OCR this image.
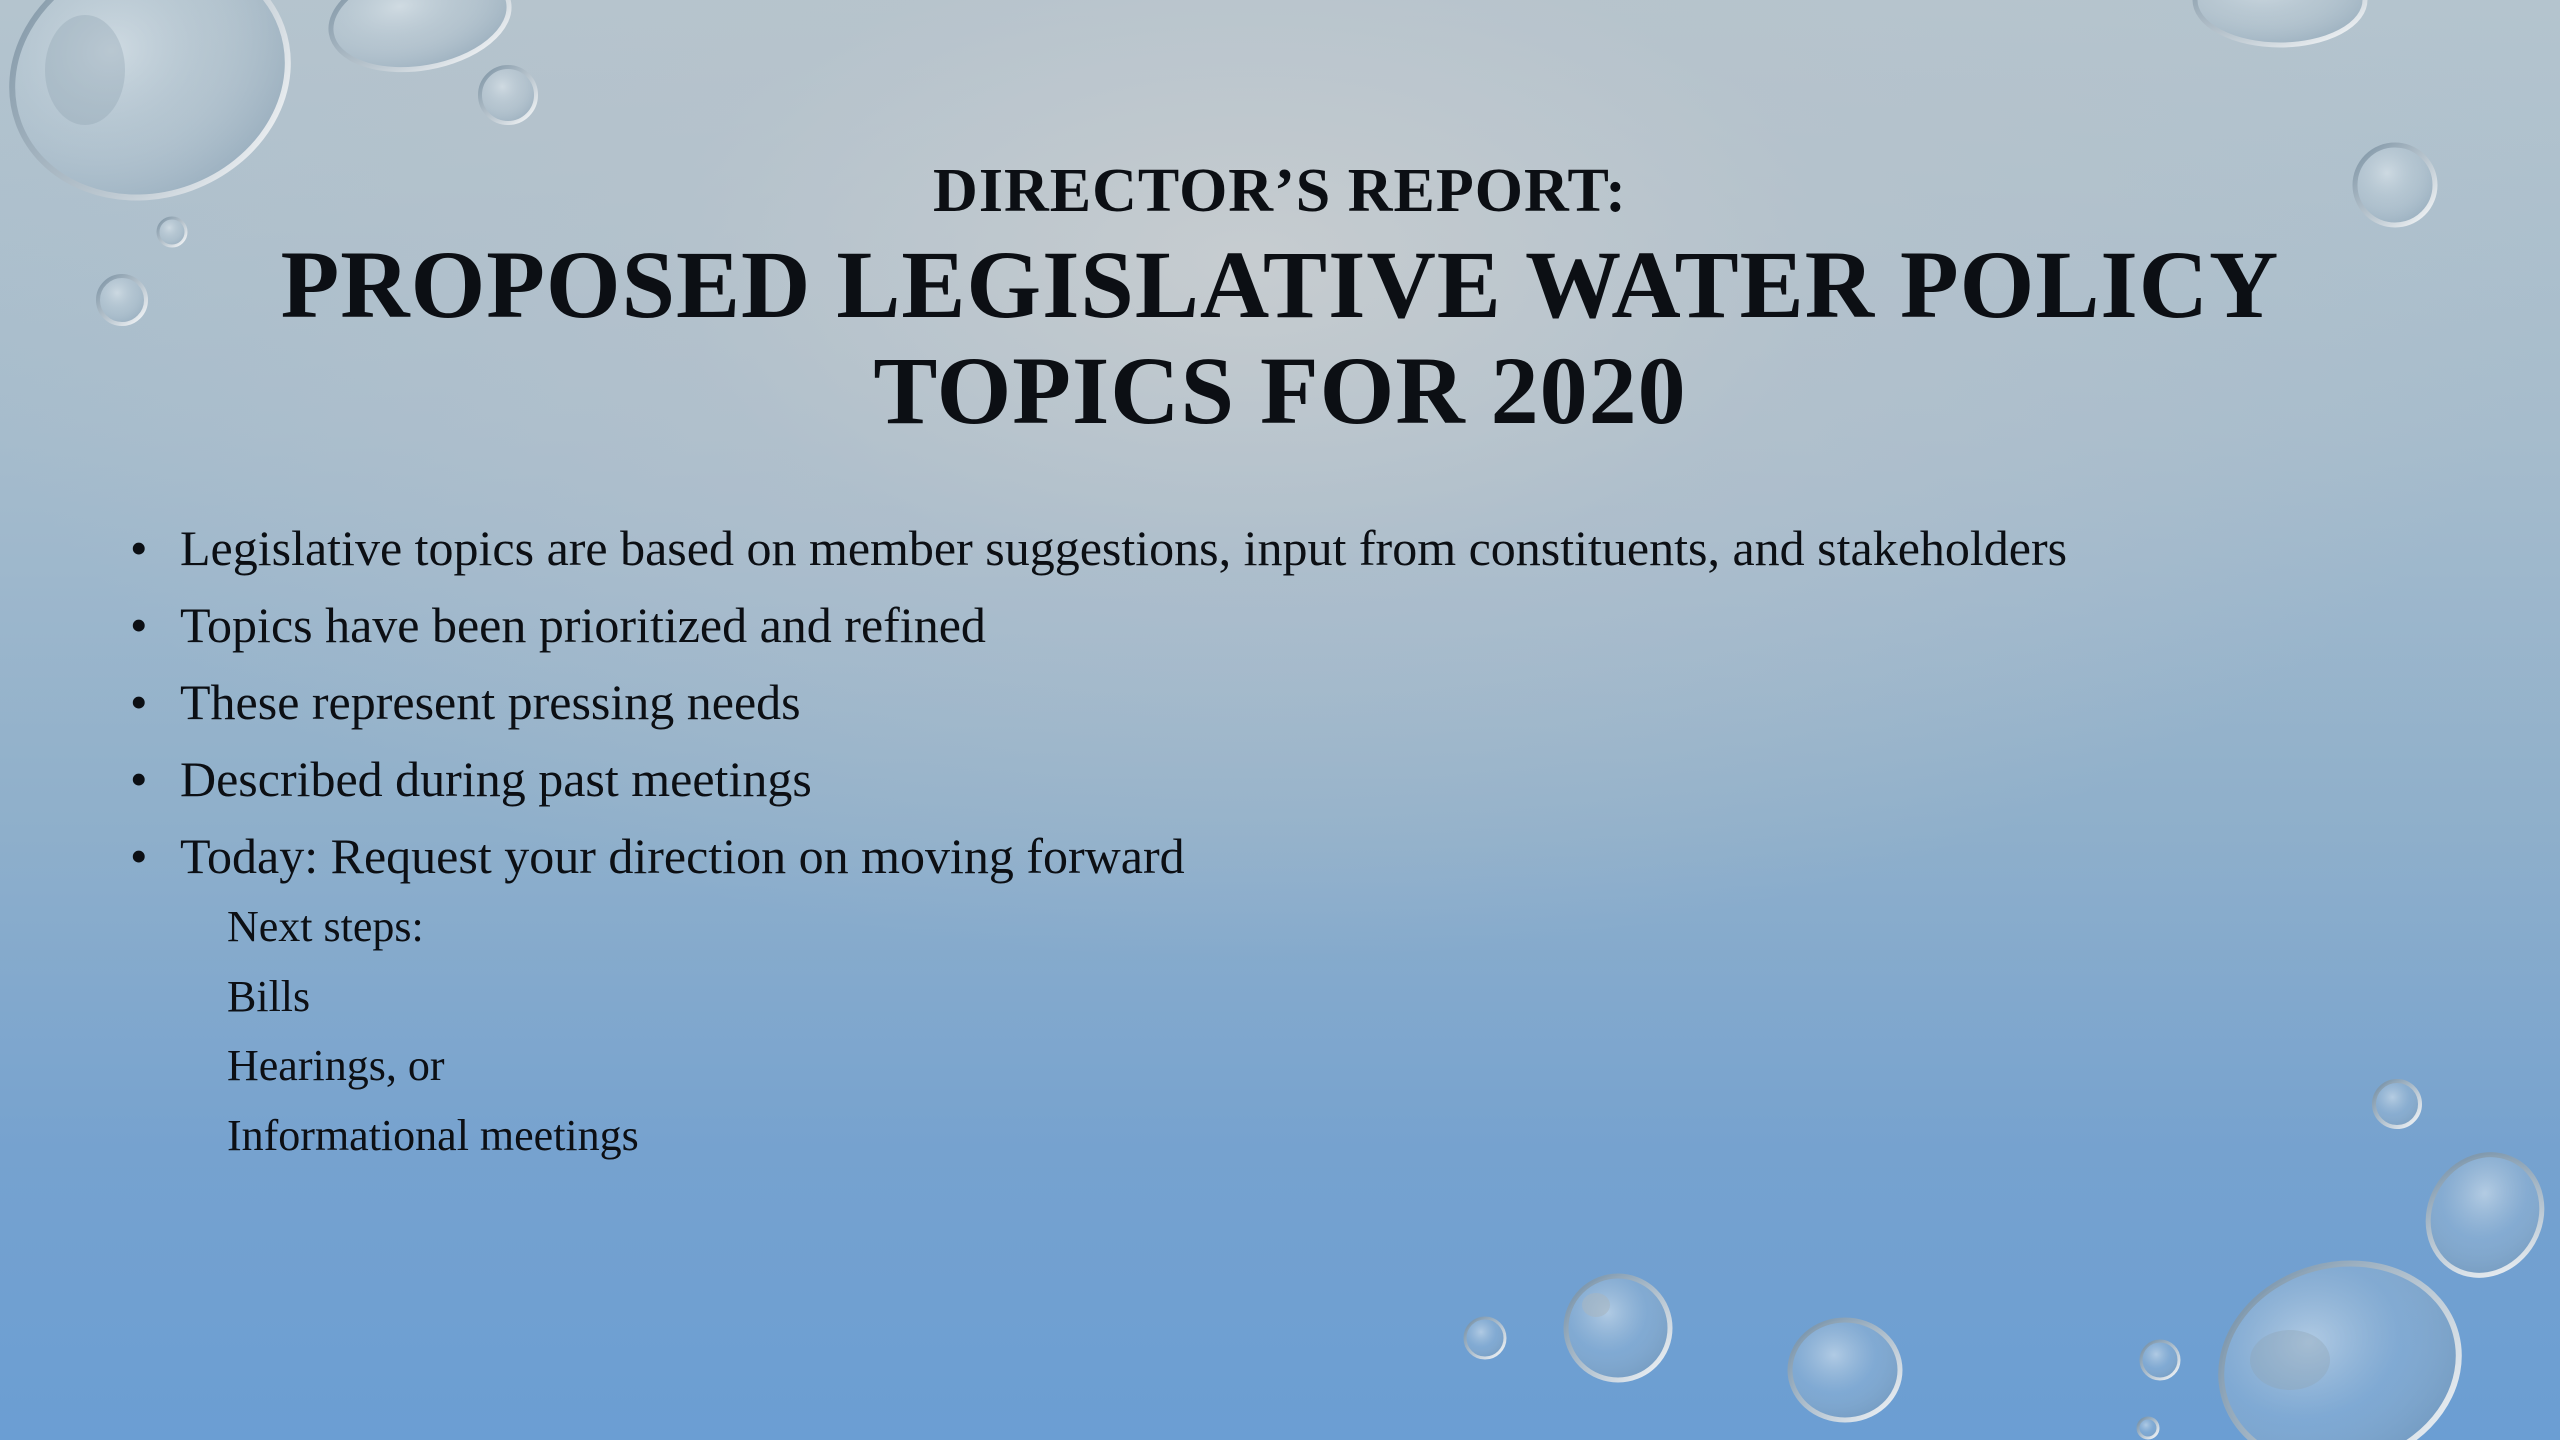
DIRECTOR’S REPORT:
PROPOSED LEGISLATIVE WATER POLICY
TOPICS FOR 2020
• Legislative topics are based on member suggestions, input from constituents, and stakeholders
• Topics have been prioritized and refined
• These represent pressing needs
• Described during past meetings
• Today: Request your direction on moving forward
Next steps:
Bills
Hearings, or
Informational meetings
